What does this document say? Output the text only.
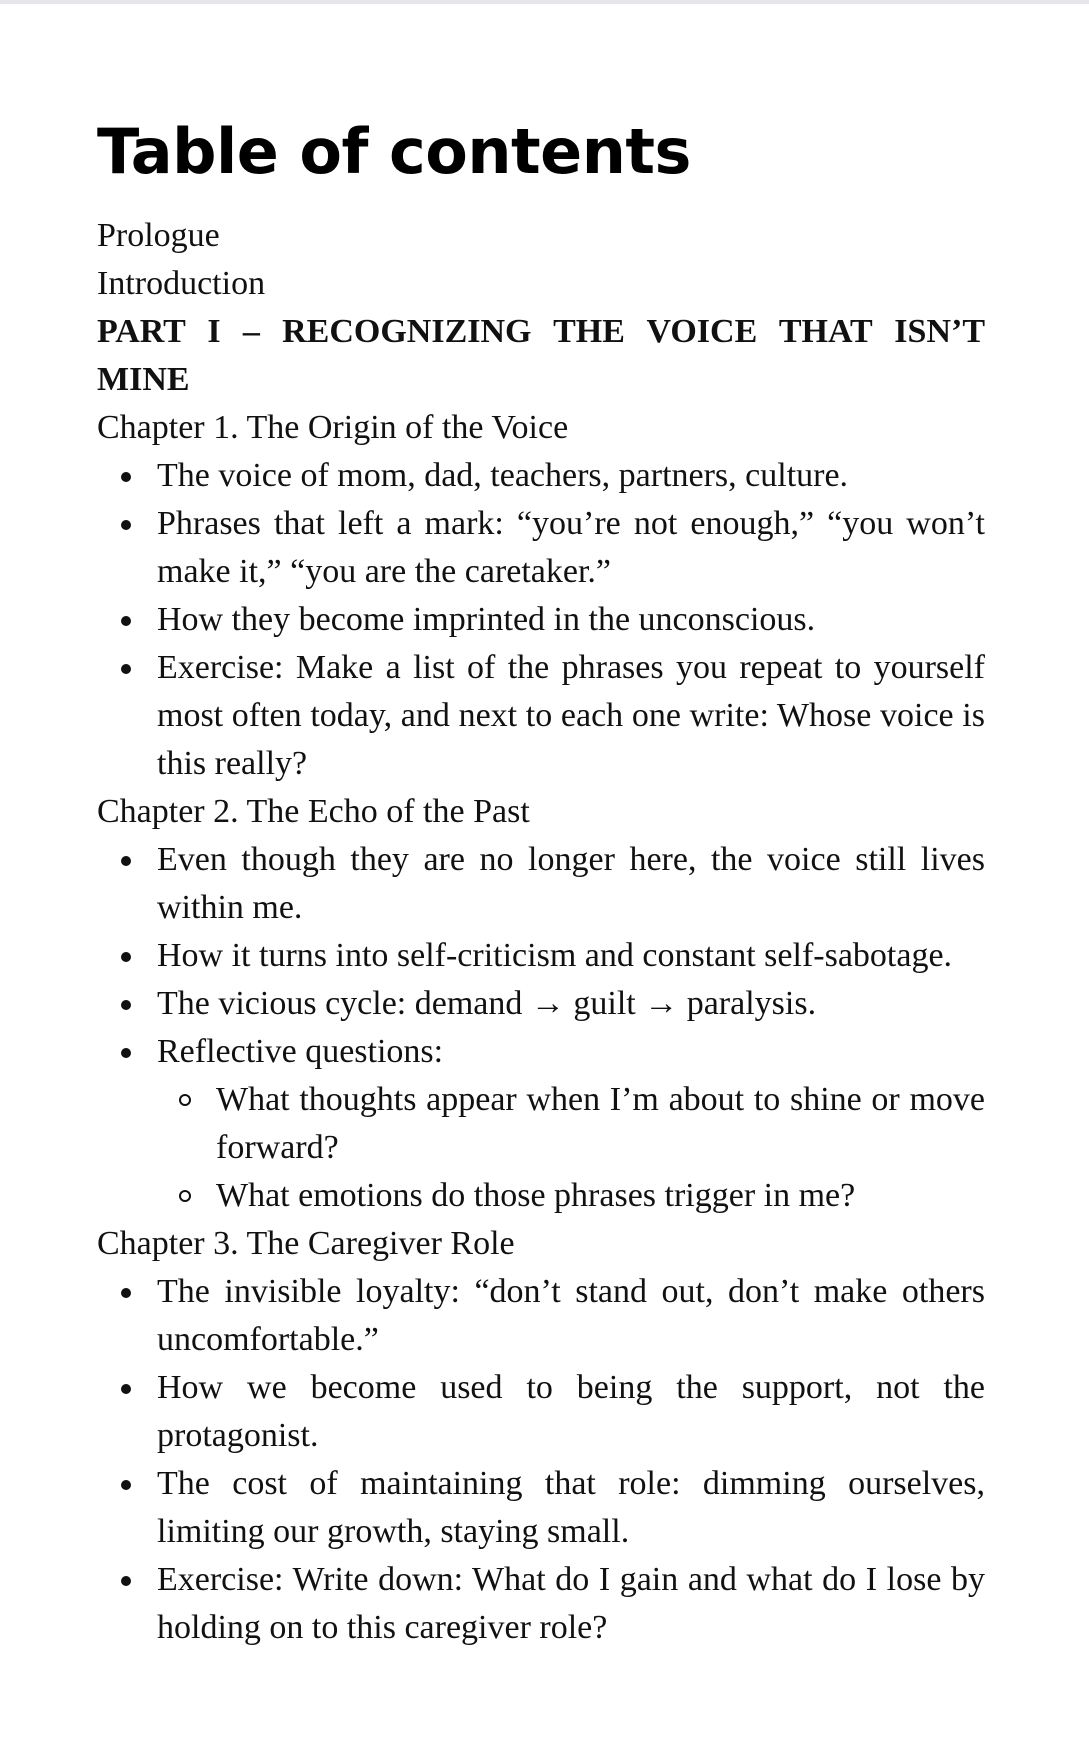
Table of contents

Prologue

Introduction

PART I – RECOGNIZING THE VOICE THAT ISN’T MINE

Chapter 1. The Origin of the Voice

The voice of mom, dad, teachers, partners, culture.
Phrases that left a mark: “you’re not enough,” “you won’t make it,” “you are the caretaker.”
How they become imprinted in the unconscious.
Exercise: Make a list of the phrases you repeat to yourself most often today, and next to each one write: Whose voice is this really?

Chapter 2. The Echo of the Past

Even though they are no longer here, the voice still lives within me.
How it turns into self-criticism and constant self-sabotage.
The vicious cycle: demand → guilt → paralysis.
Reflective questions:
What thoughts appear when I’m about to shine or move forward?
What emotions do those phrases trigger in me?

Chapter 3. The Caregiver Role

The invisible loyalty: “don’t stand out, don’t make others uncomfortable.”
How we become used to being the support, not the protagonist.
The cost of maintaining that role: dimming ourselves, limiting our growth, staying small.
Exercise: Write down: What do I gain and what do I lose by holding on to this caregiver role?
